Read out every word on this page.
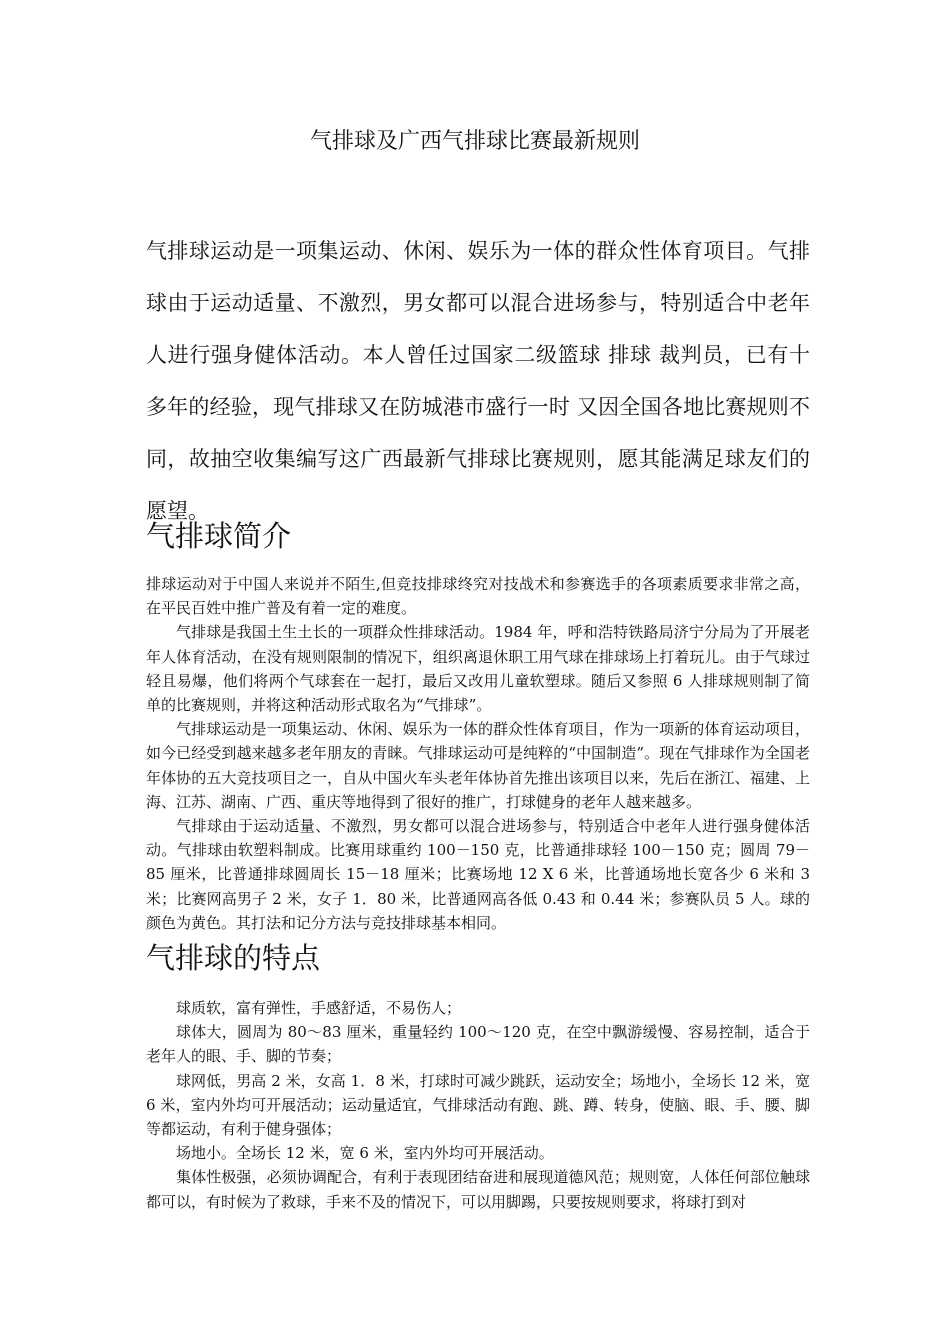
气排球及广西气排球比赛最新规则

气排球运动是一项集运动、休闲、娱乐为一体的群众性体育项目。气排球由于运动适量、不激烈，男女都可以混合进场参与，特别适合中老年人进行强身健体活动。本人曾任过国家二级篮球 排球 裁判员，已有十多年的经验，现气排球又在防城港市盛行一时 又因全国各地比赛规则不同，故抽空收集编写这广西最新气排球比赛规则，愿其能满足球友们的愿望。

气排球简介

排球运动对于中国人来说并不陌生,但竞技排球终究对技战术和参赛选手的各项素质要求非常之高，在平民百姓中推广普及有着一定的难度。

气排球是我国土生土长的一项群众性排球活动。1984 年，呼和浩特铁路局济宁分局为了开展老年人体育活动，在没有规则限制的情况下，组织离退休职工用气球在排球场上打着玩儿。由于气球过轻且易爆，他们将两个气球套在一起打，最后又改用儿童软塑球。随后又参照 6 人排球规则制了简单的比赛规则，并将这种活动形式取名为“气排球”。

气排球运动是一项集运动、休闲、娱乐为一体的群众性体育项目，作为一项新的体育运动项目，如今已经受到越来越多老年朋友的青睐。气排球运动可是纯粹的“中国制造”。现在气排球作为全国老年体协的五大竞技项目之一，自从中国火车头老年体协首先推出该项目以来，先后在浙江、福建、上海、江苏、湖南、广西、重庆等地得到了很好的推广，打球健身的老年人越来越多。

气排球由于运动适量、不激烈，男女都可以混合进场参与，特别适合中老年人进行强身健体活动。气排球由软塑料制成。比赛用球重约 100－150 克，比普通排球轻 100－150 克；圆周 79－85 厘米，比普通排球圆周长 15－18 厘米；比赛场地 12 X 6 米，比普通场地长宽各少 6 米和 3 米；比赛网高男子 2 米，女子 1．80 米，比普通网高各低 0.43 和 0.44 米；参赛队员 5 人。球的颜色为黄色。其打法和记分方法与竞技排球基本相同。

气排球的特点

球质软，富有弹性，手感舒适，不易伤人；

球体大，圆周为 80～83 厘米，重量轻约 100～120 克，在空中飘游缓慢、容易控制，适合于老年人的眼、手、脚的节奏；

球网低，男高 2 米，女高 1．8 米，打球时可减少跳跃，运动安全；场地小，全场长 12 米，宽 6 米，室内外均可开展活动；运动量适宜，气排球活动有跑、跳、蹲、转身，使脑、眼、手、腰、脚等都运动，有利于健身强体；

场地小。全场长 12 米，宽 6 米，室内外均可开展活动。

集体性极强，必须协调配合，有利于表现团结奋进和展现道德风范；规则宽，人体任何部位触球都可以，有时候为了救球，手来不及的情况下，可以用脚踢，只要按规则要求，将球打到对
